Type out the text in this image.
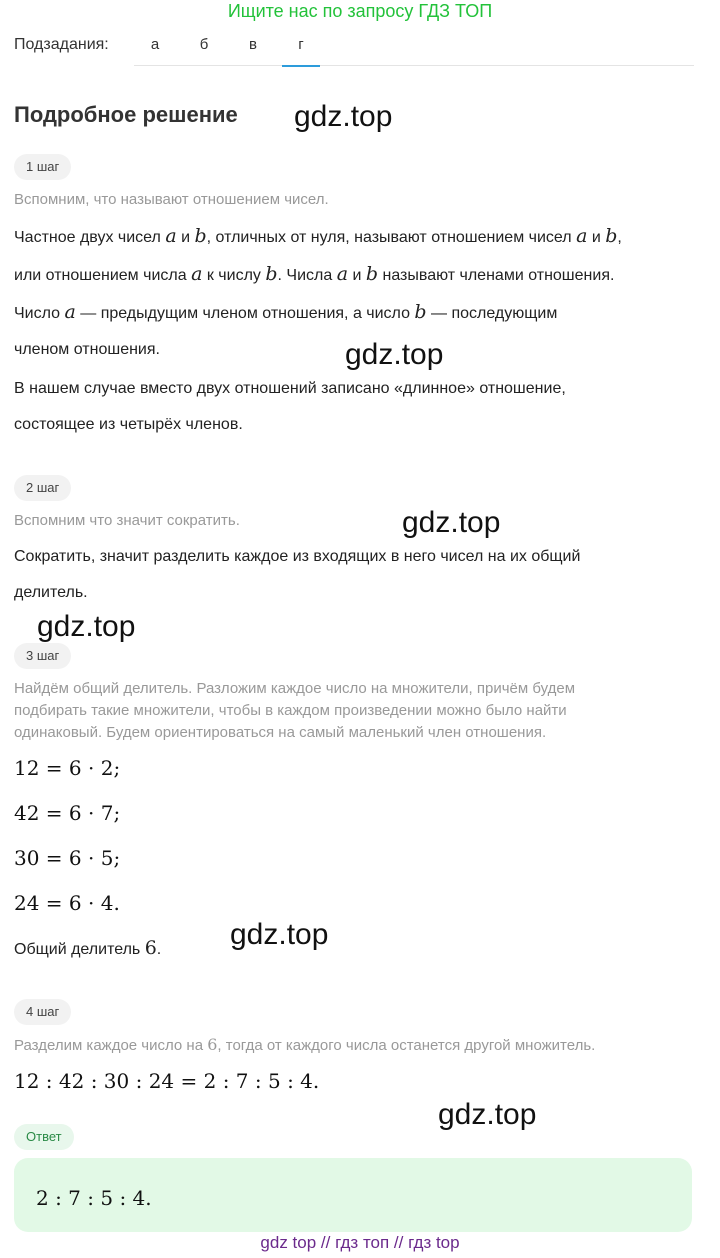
Ищите нас по запросу ГДЗ ТОП
Подзадания:	а	б	в	г
Подробное решение gdz.top
gdz.top
gdz.top
gdz.top
gdz.top
gdz.top
1 шаг
Вспомним, что называют отношением чисел.
Частное двух чисел a и b, отличных от нуля, называют отношением чисел a и b,
или отношением числа a к числу b. Числа a и b называют членами отношения.
Число a — предыдущим членом отношения, а число b — последующим
членом отношения.
В нашем случае вместо двух отношений записано «длинное» отношение,
состоящее из четырёх членов.
2 шаг
Вспомним что значит сократить.
Сократить, значит разделить каждое из входящих в него чисел на их общий
делитель.
3 шаг
Найдём общий делитель. Разложим каждое число на множители, причём будем
подбирать такие множители, чтобы в каждом произведении можно было найти
одинаковый. Будем ориентироваться на самый маленький член отношения.
12 = 6 · 2;
42 = 6 · 7;
30 = 6 · 5;
24 = 6 · 4.
Общий делитель 6.
4 шаг
Разделим каждое число на 6, тогда от каждого числа останется другой множитель.
12 : 42 : 30 : 24 = 2 : 7 : 5 : 4.
Ответ
2 : 7 : 5 : 4.
gdz top // гдз топ // гдз top
